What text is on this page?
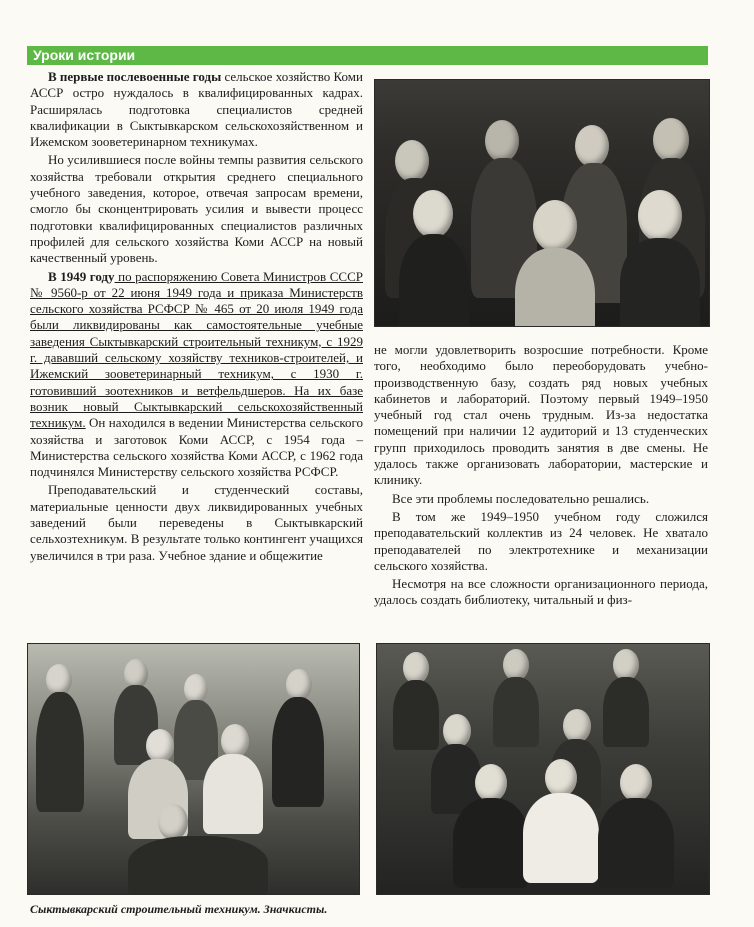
Уроки истории

В первые послевоенные годы сельское хозяйство Коми АССР остро нуждалось в квалифицированных кадрах. Расширялась подготовка специалистов средней квалификации в Сыктывкарском сельскохозяйственном и Ижемском зооветеринарном техникумах.

Но усилившиеся после войны темпы развития сельского хозяйства требовали открытия среднего специального учебного заведения, которое, отвечая запросам времени, смогло бы сконцентрировать усилия и вывести процесс подготовки квалифицированных специалистов различных профилей для сельского хозяйства Коми АССР на новый качественный уровень.

В 1949 году по распоряжению Совета Министров СССР № 9560-р от 22 июня 1949 года и приказа Министерств сельского хозяйства РСФСР № 465 от 20 июля 1949 года были ликвидированы как самостоятельные учебные заведения Сыктывкарский строительный техникум, с 1929 г. дававший сельскому хозяйству техников-строителей, и Ижемский зооветеринарный техникум, с 1930 г. готовивший зоотехников и ветфельдшеров. На их базе возник новый Сыктывкарский сельскохозяйственный техникум. Он находился в ведении Министерства сельского хозяйства и заготовок Коми АССР, с 1954 года – Министерства сельского хозяйства Коми АССР, с 1962 года подчинялся Министерству сельского хозяйства РСФСР.

Преподавательский и студенческий составы, материальные ценности двух ликвидированных учебных заведений были переведены в Сыктывкарский сельхозтехникум. В результате только контингент учащихся увеличился в три раза. Учебное здание и общежитие

не могли удовлетворить возросшие потребности. Кроме того, необходимо было переоборудовать учебно-производственную базу, создать ряд новых учебных кабинетов и лабораторий. Поэтому первый 1949–1950 учебный год стал очень трудным. Из-за недостатка помещений при наличии 12 аудиторий и 13 студенческих групп приходилось проводить занятия в две смены. Не удалось также организовать лаборатории, мастерские и клинику.

Все эти проблемы последовательно решались.

В том же 1949–1950 учебном году сложился преподавательский коллектив из 24 человек. Не хватало преподавателей по электротехнике и механизации сельского хозяйства.

Несмотря на все сложности организационного периода, удалось создать библиотеку, читальный и физ-

Сыктывкарский строительный техникум. Значкисты.
